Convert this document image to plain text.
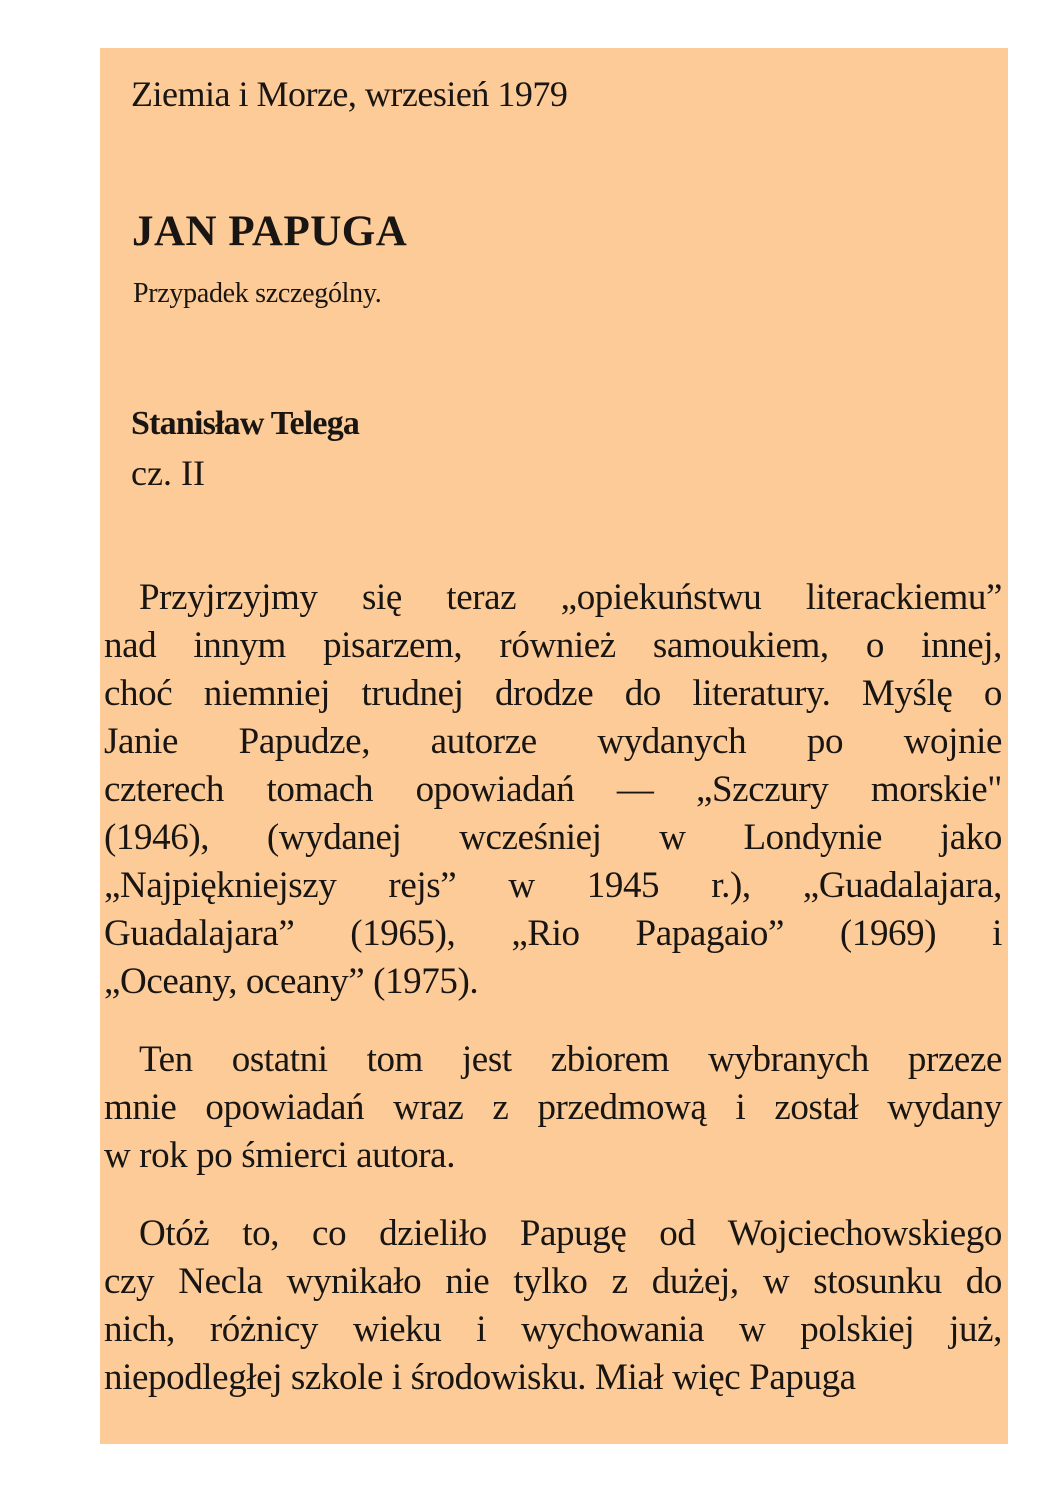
Ziemia i Morze, wrzesień 1979
JAN PAPUGA
Przypadek szczególny.
Stanisław Telega
cz. II
Przyjrzyjmy się teraz „opiekuństwu literackiemu”
nad innym pisarzem, również samoukiem, o innej,
choć niemniej trudnej drodze do literatury. Myślę o
Janie Papudze, autorze wydanych po wojnie
czterech tomach opowiadań — „Szczury morskie"
(1946), (wydanej wcześniej w Londynie jako
„Najpiękniejszy rejs” w 1945 r.), „Guadalajara,
Guadalajara” (1965), „Rio Papagaio” (1969) i
„Oceany, oceany” (1975).
Ten ostatni tom jest zbiorem wybranych przeze
mnie opowiadań wraz z przedmową i został wydany
w rok po śmierci autora.
Otóż to, co dzieliło Papugę od Wojciechowskiego
czy Necla wynikało nie tylko z dużej, w stosunku do
nich, różnicy wieku i wychowania w polskiej już,
niepodległej szkole i środowisku. Miał więc Papuga
